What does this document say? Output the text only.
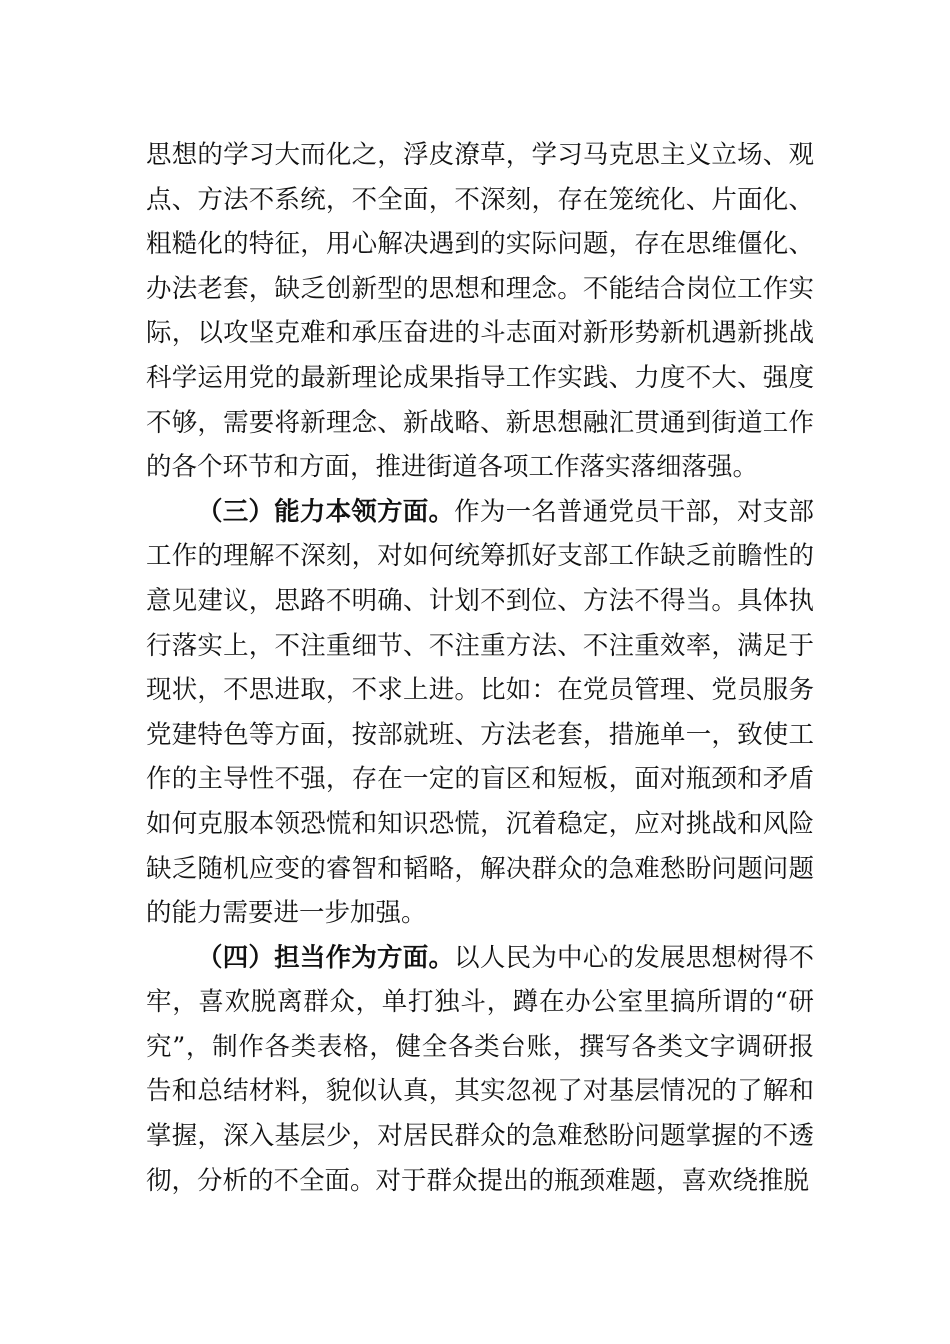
思想的学习大而化之，浮皮潦草，学习马克思主义立场、观点、方法不系统，不全面，不深刻，存在笼统化、片面化、粗糙化的特征，用心解决遇到的实际问题，存在思维僵化、办法老套，缺乏创新型的思想和理念。不能结合岗位工作实际，以攻坚克难和承压奋进的斗志面对新形势新机遇新挑战科学运用党的最新理论成果指导工作实践、力度不大、强度不够，需要将新理念、新战略、新思想融汇贯通到街道工作的各个环节和方面，推进街道各项工作落实落细落强。

（三）能力本领方面。作为一名普通党员干部，对支部工作的理解不深刻，对如何统筹抓好支部工作缺乏前瞻性的意见建议，思路不明确、计划不到位、方法不得当。具体执行落实上，不注重细节、不注重方法、不注重效率，满足于现状，不思进取，不求上进。比如：在党员管理、党员服务党建特色等方面，按部就班、方法老套，措施单一，致使工作的主导性不强，存在一定的盲区和短板，面对瓶颈和矛盾如何克服本领恐慌和知识恐慌，沉着稳定，应对挑战和风险缺乏随机应变的睿智和韬略，解决群众的急难愁盼问题问题的能力需要进一步加强。

（四）担当作为方面。以人民为中心的发展思想树得不牢，喜欢脱离群众，单打独斗，蹲在办公室里搞所谓的“研究”，制作各类表格，健全各类台账，撰写各类文字调研报告和总结材料，貌似认真，其实忽视了对基层情况的了解和掌握，深入基层少，对居民群众的急难愁盼问题掌握的不透彻，分析的不全面。对于群众提出的瓶颈难题，喜欢绕推脱
